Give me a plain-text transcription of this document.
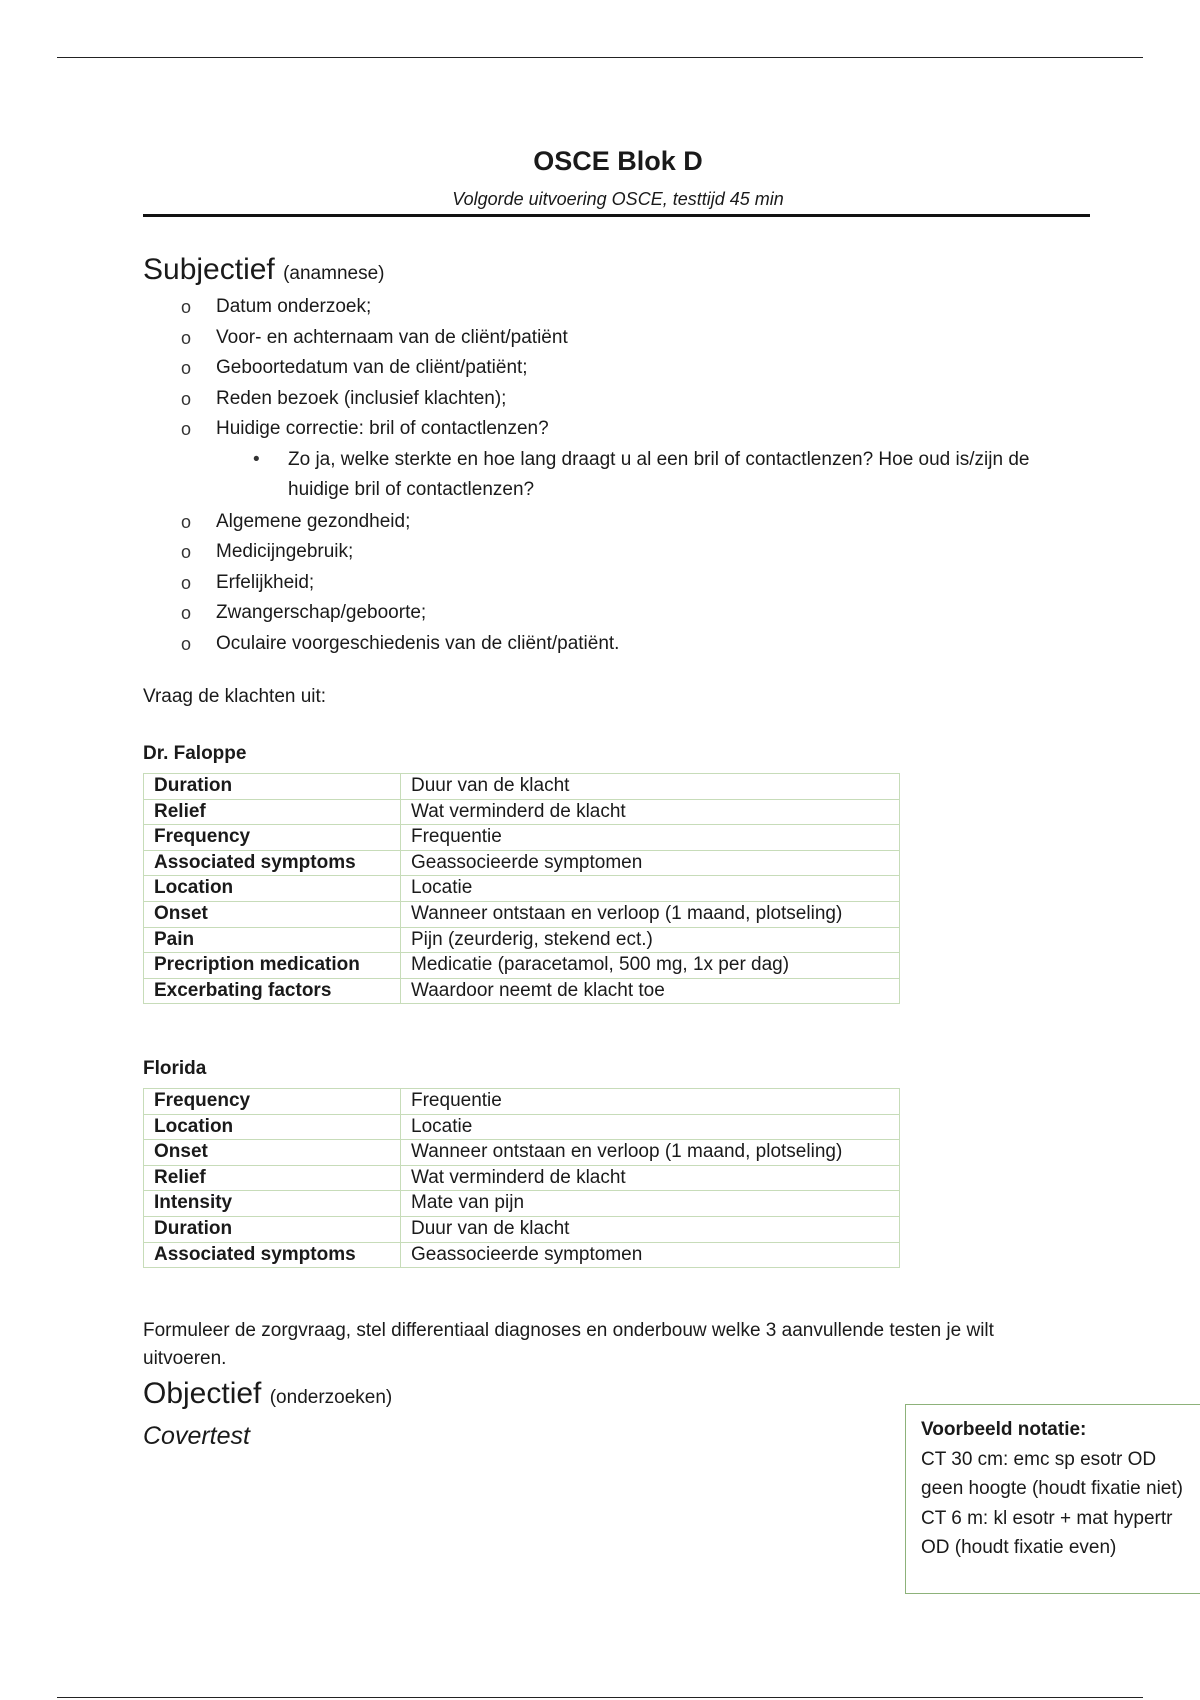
OSCE Blok D
Volgorde uitvoering OSCE, testtijd 45 min
Subjectief (anamnese)
o Datum onderzoek;
o Voor- en achternaam van de cliënt/patiënt
o Geboortedatum van de cliënt/patiënt;
o Reden bezoek (inclusief klachten);
o Huidige correctie: bril of contactlenzen?
• Zo ja, welke sterkte en hoe lang draagt u al een bril of contactlenzen? Hoe oud is/zijn de huidige bril of contactlenzen?
o Algemene gezondheid;
o Medicijngebruik;
o Erfelijkheid;
o Zwangerschap/geboorte;
o Oculaire voorgeschiedenis van de cliënt/patiënt.
Vraag de klachten uit:
Dr. Faloppe
Duration	Duur van de klacht
Relief	Wat verminderd de klacht
Frequency	Frequentie
Associated symptoms	Geassocieerde symptomen
Location	Locatie
Onset	Wanneer ontstaan en verloop (1 maand, plotseling)
Pain	Pijn (zeurderig, stekend ect.)
Precription medication	Medicatie (paracetamol, 500 mg, 1x per dag)
Excerbating factors	Waardoor neemt de klacht toe
Florida
Frequency	Frequentie
Location	Locatie
Onset	Wanneer ontstaan en verloop (1 maand, plotseling)
Relief	Wat verminderd de klacht
Intensity	Mate van pijn
Duration	Duur van de klacht
Associated symptoms	Geassocieerde symptomen
Formuleer de zorgvraag, stel differentiaal diagnoses en onderbouw welke 3 aanvullende testen je wilt uitvoeren.
Objectief (onderzoeken)
Covertest	Voorbeeld notatie:
CT 30 cm: emc sp esotr OD geen hoogte (houdt fixatie niet)
CT 6 m: kl esotr + mat hypertr OD (houdt fixatie even)
